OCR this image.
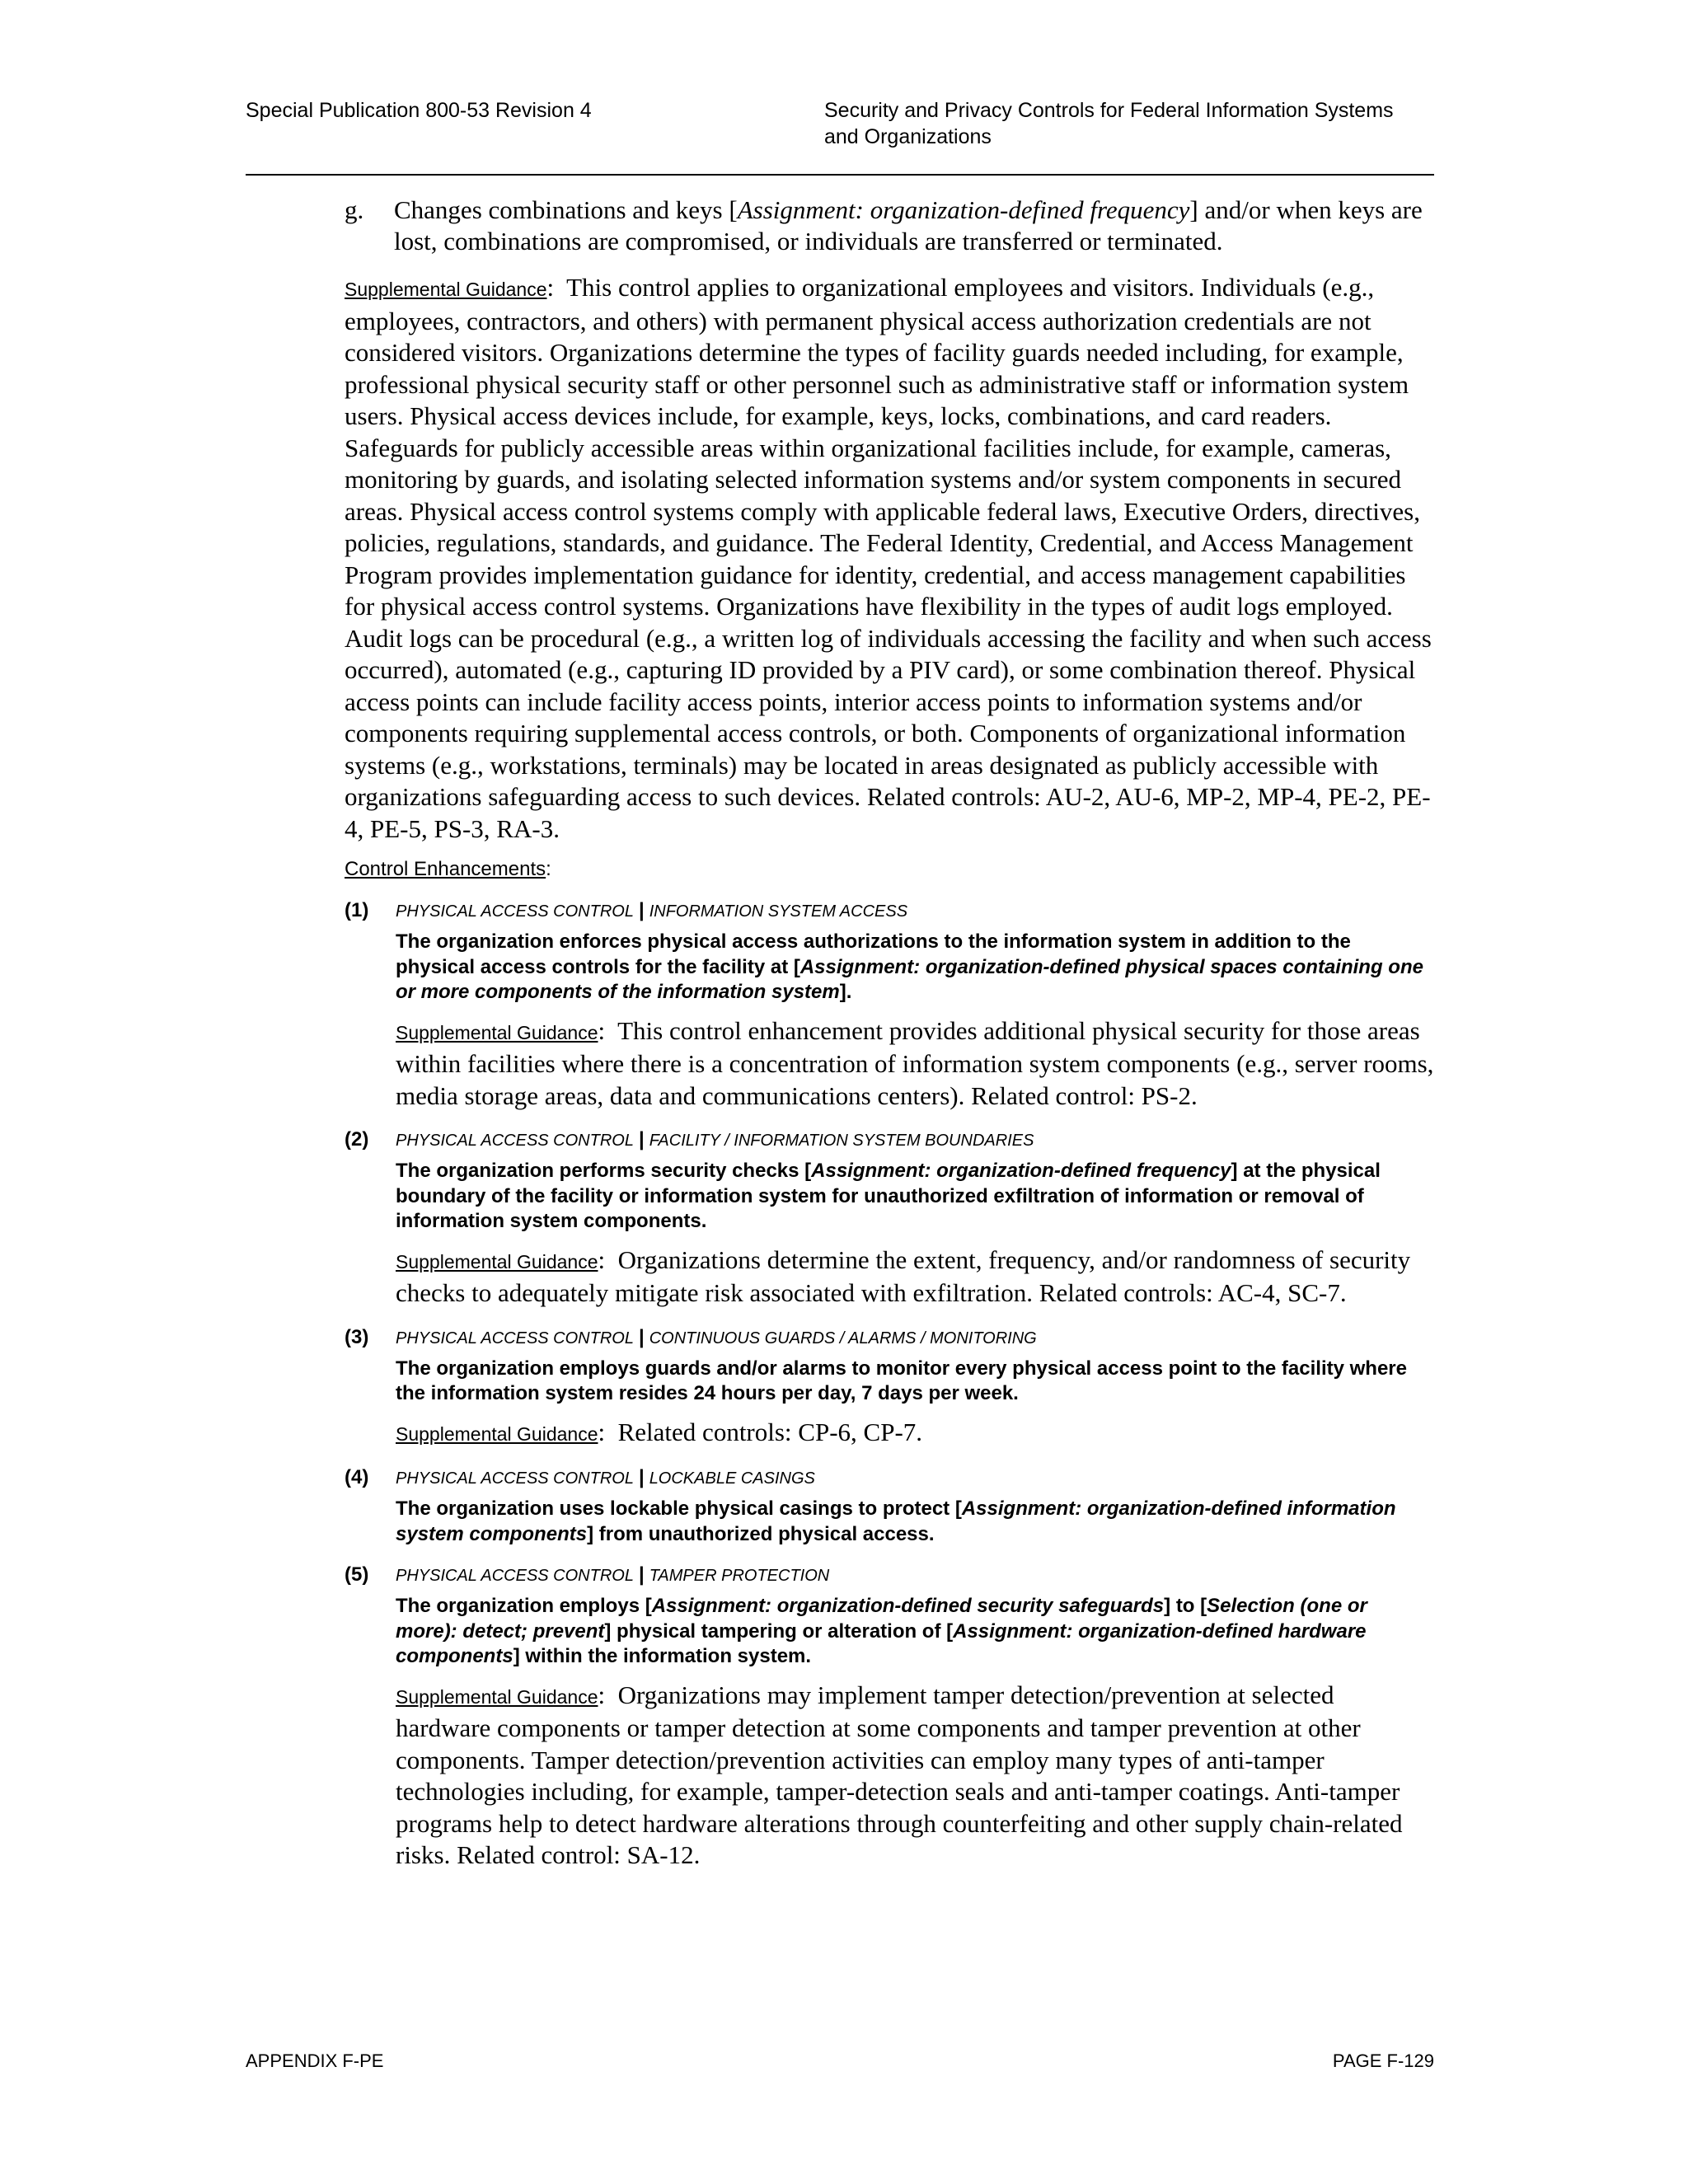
Special Publication 800-53 Revision 4	Security and Privacy Controls for Federal Information Systems
and Organizations
g. Changes combinations and keys [Assignment: organization-defined frequency] and/or when keys are lost, combinations are compromised, or individuals are transferred or terminated.
Supplemental Guidance:  This control applies to organizational employees and visitors. Individuals (e.g., employees, contractors, and others) with permanent physical access authorization credentials are not considered visitors. Organizations determine the types of facility guards needed including, for example, professional physical security staff or other personnel such as administrative staff or information system users. Physical access devices include, for example, keys, locks, combinations, and card readers. Safeguards for publicly accessible areas within organizational facilities include, for example, cameras, monitoring by guards, and isolating selected information systems and/or system components in secured areas. Physical access control systems comply with applicable federal laws, Executive Orders, directives, policies, regulations, standards, and guidance. The Federal Identity, Credential, and Access Management Program provides implementation guidance for identity, credential, and access management capabilities for physical access control systems. Organizations have flexibility in the types of audit logs employed. Audit logs can be procedural (e.g., a written log of individuals accessing the facility and when such access occurred), automated (e.g., capturing ID provided by a PIV card), or some combination thereof. Physical access points can include facility access points, interior access points to information systems and/or components requiring supplemental access controls, or both. Components of organizational information systems (e.g., workstations, terminals) may be located in areas designated as publicly accessible with organizations safeguarding access to such devices. Related controls: AU-2, AU-6, MP-2, MP-4, PE-2, PE-4, PE-5, PS-3, RA-3.
Control Enhancements:
(1) PHYSICAL ACCESS CONTROL | INFORMATION SYSTEM ACCESS
The organization enforces physical access authorizations to the information system in addition to the physical access controls for the facility at [Assignment: organization-defined physical spaces containing one or more components of the information system].
Supplemental Guidance:  This control enhancement provides additional physical security for those areas within facilities where there is a concentration of information system components (e.g., server rooms, media storage areas, data and communications centers). Related control: PS-2.
(2) PHYSICAL ACCESS CONTROL | FACILITY / INFORMATION SYSTEM BOUNDARIES
The organization performs security checks [Assignment: organization-defined frequency] at the physical boundary of the facility or information system for unauthorized exfiltration of information or removal of information system components.
Supplemental Guidance:  Organizations determine the extent, frequency, and/or randomness of security checks to adequately mitigate risk associated with exfiltration. Related controls: AC-4, SC-7.
(3) PHYSICAL ACCESS CONTROL | CONTINUOUS GUARDS / ALARMS / MONITORING
The organization employs guards and/or alarms to monitor every physical access point to the facility where the information system resides 24 hours per day, 7 days per week.
Supplemental Guidance:  Related controls: CP-6, CP-7.
(4) PHYSICAL ACCESS CONTROL | LOCKABLE CASINGS
The organization uses lockable physical casings to protect [Assignment: organization-defined information system components] from unauthorized physical access.
(5) PHYSICAL ACCESS CONTROL | TAMPER PROTECTION
The organization employs [Assignment: organization-defined security safeguards] to [Selection (one or more): detect; prevent] physical tampering or alteration of [Assignment: organization-defined hardware components] within the information system.
Supplemental Guidance:  Organizations may implement tamper detection/prevention at selected hardware components or tamper detection at some components and tamper prevention at other components. Tamper detection/prevention activities can employ many types of anti-tamper technologies including, for example, tamper-detection seals and anti-tamper coatings. Anti-tamper programs help to detect hardware alterations through counterfeiting and other supply chain-related risks. Related control: SA-12.
APPENDIX F-PE	PAGE F-129
